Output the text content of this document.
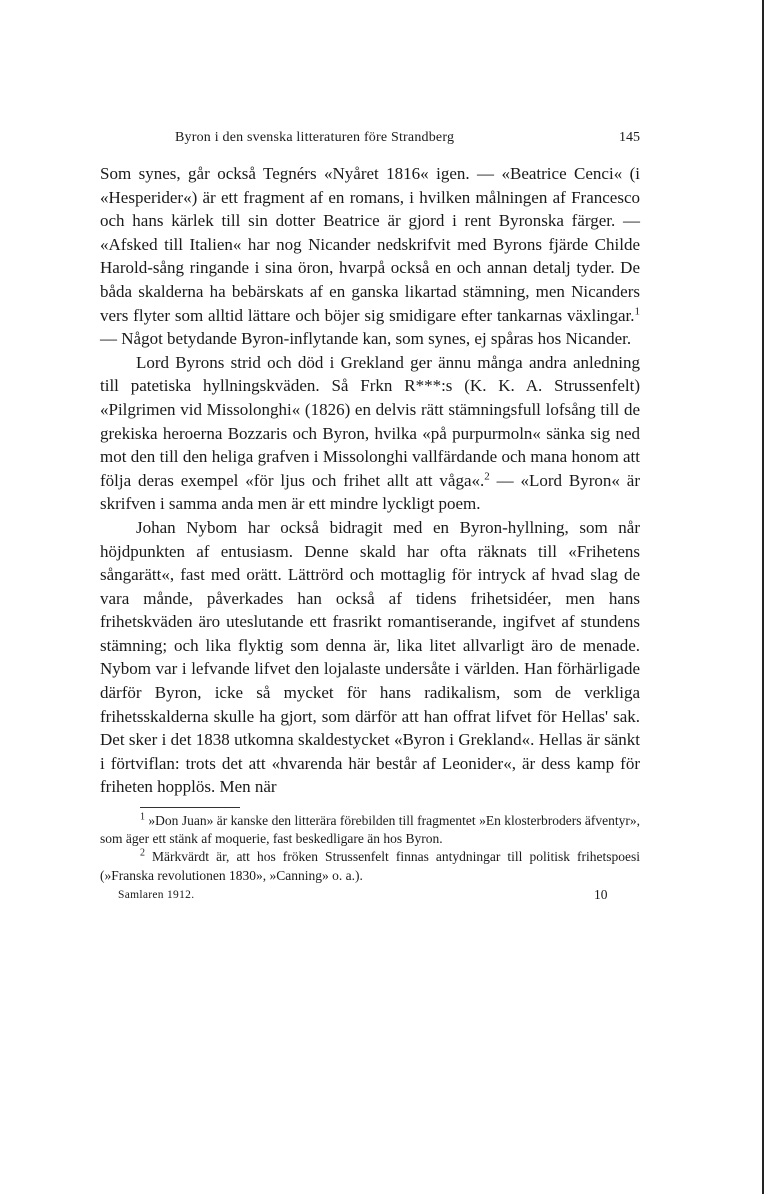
Byron i den svenska litteraturen före Strandberg	145

Som synes, går också Tegnérs «Nyåret 1816« igen. — «Beatrice Cenci« (i «Hesperider«) är ett fragment af en romans, i hvilken målningen af Francesco och hans kärlek till sin dotter Beatrice är gjord i rent Byronska färger. — «Afsked till Italien« har nog Nicander nedskrifvit med Byrons fjärde Childe Harold-sång ringande i sina öron, hvarpå också en och annan detalj tyder. De båda skalderna ha bebärskats af en ganska likartad stämning, men Nicanders vers flyter som alltid lättare och böjer sig smidigare efter tankarnas växlingar.$^1$ — Något betydande Byron-inflytande kan, som synes, ej spåras hos Nicander.

Lord Byrons strid och död i Grekland ger ännu många andra anledning till patetiska hyllningskväden. Så Frkn R***:s (K. K. A. Strussenfelt) «Pilgrimen vid Missolonghi« (1826) en delvis rätt stämningsfull lofsång till de grekiska heroerna Bozzaris och Byron, hvilka «på purpurmoln« sänka sig ned mot den till den heliga grafven i Missolonghi vallfärdande och mana honom att följa deras exempel «för ljus och frihet allt att våga«.$^2$ — «Lord Byron« är skrifven i samma anda men är ett mindre lyckligt poem.

Johan Nybom har också bidragit med en Byron-hyllning, som når höjdpunkten af entusiasm. Denne skald har ofta räknats till «Frihetens sångarätt«, fast med orätt. Lättrörd och mottaglig för intryck af hvad slag de vara månde, påverkades han också af tidens frihetsidéer, men hans frihetskväden äro uteslutande ett frasrikt romantiserande, ingifvet af stundens stämning; och lika flyktig som denna är, lika litet allvarligt äro de menade. Nybom var i lefvande lifvet den lojalaste undersåte i världen. Han förhärligade därför Byron, icke så mycket för hans radikalism, som de verkliga frihetsskalderna skulle ha gjort, som därför att han offrat lifvet för Hellas' sak. Det sker i det 1838 utkomna skaldestycket «Byron i Grekland«. Hellas är sänkt i förtviflan: trots det att «hvarenda här består af Leonider«, är dess kamp för friheten hopplös. Men när

$^1$ »Don Juan» är kanske den litterära förebilden till fragmentet »En klosterbroders äfventyr», som äger ett stänk af moquerie, fast beskedligare än hos Byron.

$^2$ Märkvärdt är, att hos fröken Strussenfelt finnas antydningar till politisk frihetspoesi (»Franska revolutionen 1830», »Canning» o. a.).

Samlaren 1912.	10
